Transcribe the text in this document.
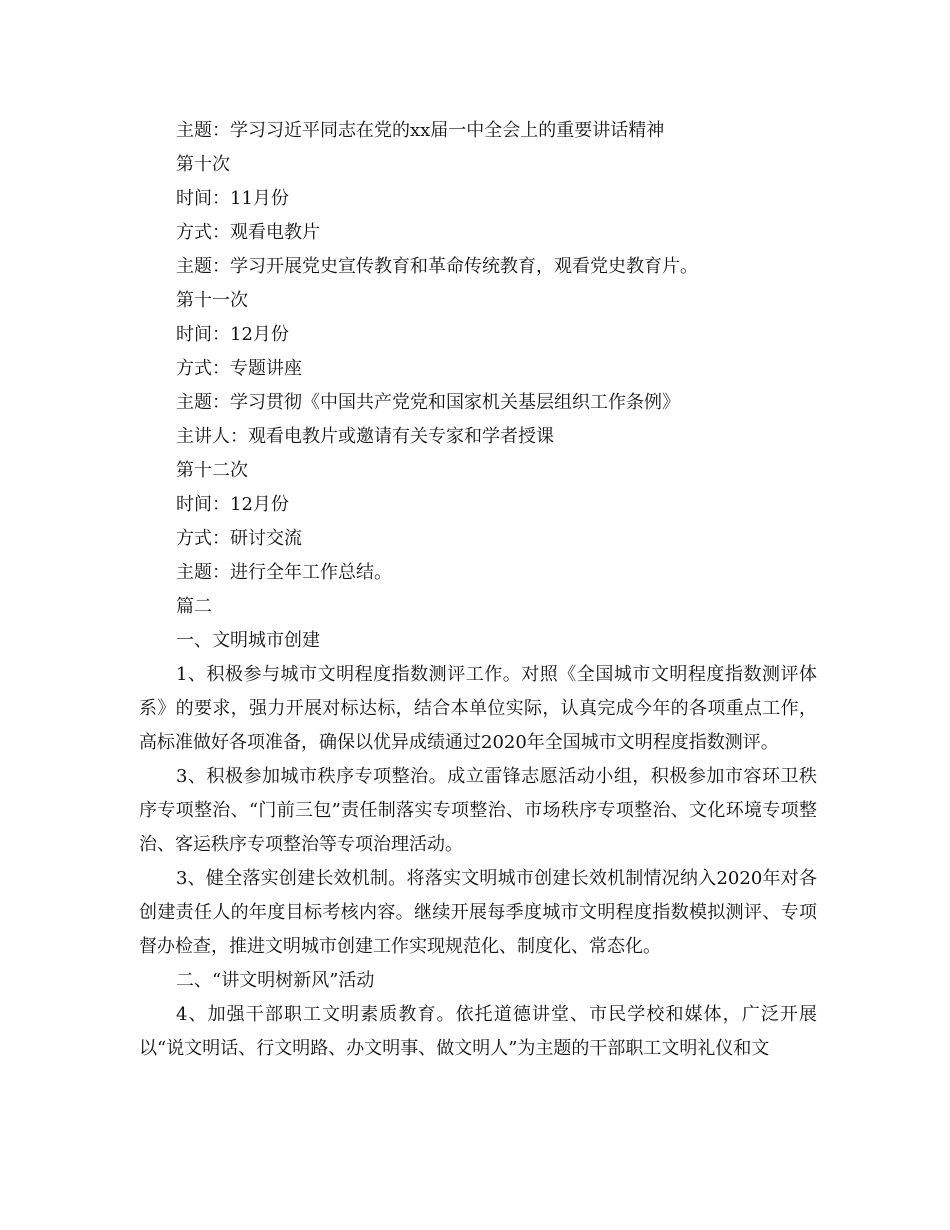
主题：学习习近平同志在党的xx届一中全会上的重要讲话精神
第十次
时间：11月份
方式：观看电教片
主题：学习开展党史宣传教育和革命传统教育，观看党史教育片。
第十一次
时间：12月份
方式：专题讲座
主题：学习贯彻《中国共产党党和国家机关基层组织工作条例》
主讲人：观看电教片或邀请有关专家和学者授课
第十二次
时间：12月份
方式：研讨交流
主题：进行全年工作总结。
篇二
一、文明城市创建

1、积极参与城市文明程度指数测评工作。对照《全国城市文明程度指数测评体系》的要求，强力开展对标达标，结合本单位实际，认真完成今年的各项重点工作，高标准做好各项准备，确保以优异成绩通过2020年全国城市文明程度指数测评。

3、积极参加城市秩序专项整治。成立雷锋志愿活动小组，积极参加市容环卫秩序专项整治、“门前三包”责任制落实专项整治、市场秩序专项整治、文化环境专项整治、客运秩序专项整治等专项治理活动。

3、健全落实创建长效机制。将落实文明城市创建长效机制情况纳入2020年对各创建责任人的年度目标考核内容。继续开展每季度城市文明程度指数模拟测评、专项督办检查，推进文明城市创建工作实现规范化、制度化、常态化。

二、“讲文明树新风”活动

4、加强干部职工文明素质教育。依托道德讲堂、市民学校和媒体，广泛开展以“说文明话、行文明路、办文明事、做文明人”为主题的干部职工文明礼仪和文
